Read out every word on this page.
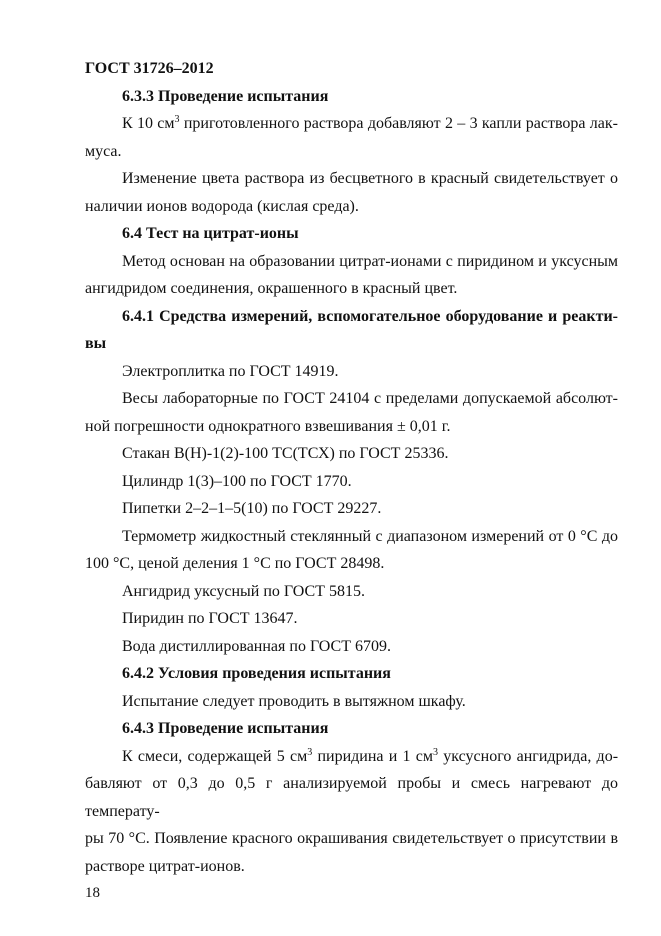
ГОСТ 31726–2012
6.3.3 Проведение испытания
К 10 $см^3$ приготовленного раствора добавляют 2 – 3 капли раствора лак-
муса.
Изменение цвета раствора из бесцветного в красный свидетельствует о
наличии ионов водорода (кислая среда).
6.4 Тест на цитрат-ионы
Метод основан на образовании цитрат-ионами с пиридином и уксусным
ангидридом соединения, окрашенного в красный цвет.
6.4.1 Средства измерений, вспомогательное оборудование и реакти-
вы
Электроплитка по ГОСТ 14919.
Весы лабораторные по ГОСТ 24104 с пределами допускаемой абсолют-
ной погрешности однократного взвешивания ± 0,01 г.
Стакан В(Н)-1(2)-100 ТС(ТСХ) по ГОСТ 25336.
Цилиндр 1(3)–100 по ГОСТ 1770.
Пипетки 2–2–1–5(10) по ГОСТ 29227.
Термометр жидкостный стеклянный с диапазоном измерений от 0 °С до
100 °С, ценой деления 1 °С по ГОСТ 28498.
Ангидрид уксусный по ГОСТ 5815.
Пиридин по ГОСТ 13647.
Вода дистиллированная по ГОСТ 6709.
6.4.2 Условия проведения испытания
Испытание следует проводить в вытяжном шкафу.
6.4.3 Проведение испытания
К смеси, содержащей 5 $см^3$ пиридина и 1 $см^3$ уксусного ангидрида, до-
бавляют от 0,3 до 0,5 г анализируемой пробы и смесь нагревают до температу-
ры 70 °С. Появление красного окрашивания свидетельствует о присутствии в
растворе цитрат-ионов.
18
